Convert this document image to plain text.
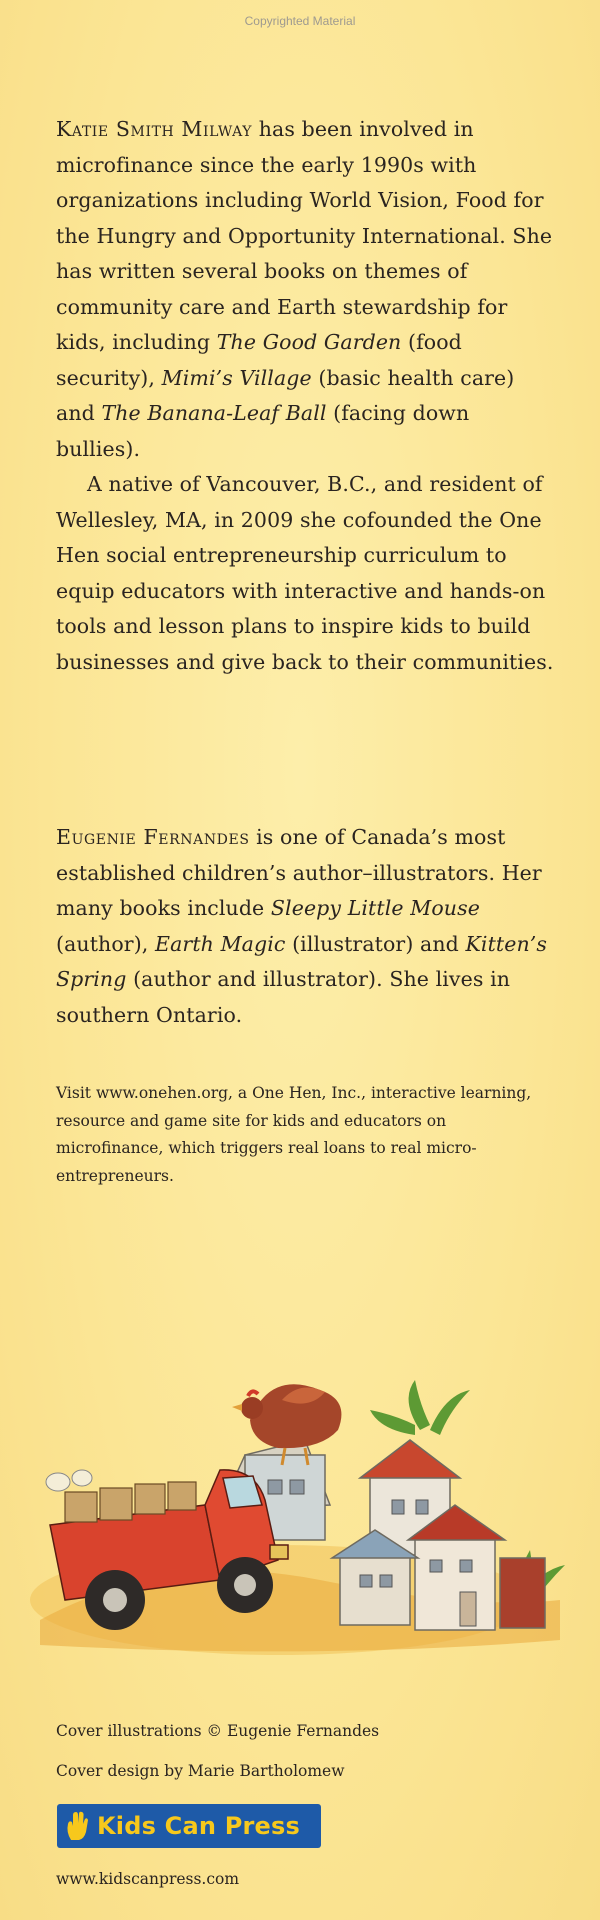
Copyrighted Material

Katie Smith Milway has been involved in microfinance since the early 1990s with organizations including World Vision, Food for the Hungry and Opportunity International. She has written several books on themes of community care and Earth stewardship for kids, including The Good Garden (food security), Mimi’s Village (basic health care) and The Banana-Leaf Ball (facing down bullies).

A native of Vancouver, B.C., and resident of Wellesley, MA, in 2009 she cofounded the One Hen social entrepreneurship curriculum to equip educators with interactive and hands-on tools and lesson plans to inspire kids to build businesses and give back to their communities.

Eugenie Fernandes is one of Canada’s most established children’s author–illustrators. Her many books include Sleepy Little Mouse (author), Earth Magic (illustrator) and Kitten’s Spring (author and illustrator). She lives in southern Ontario.

Visit www.onehen.org, a One Hen, Inc., interactive learning, resource and game site for kids and educators on microfinance, which triggers real loans to real micro-entrepreneurs.
Cover illustrations © Eugenie Fernandes
Cover design by Marie Bartholomew
Kids Can Press
www.kidscanpress.com
